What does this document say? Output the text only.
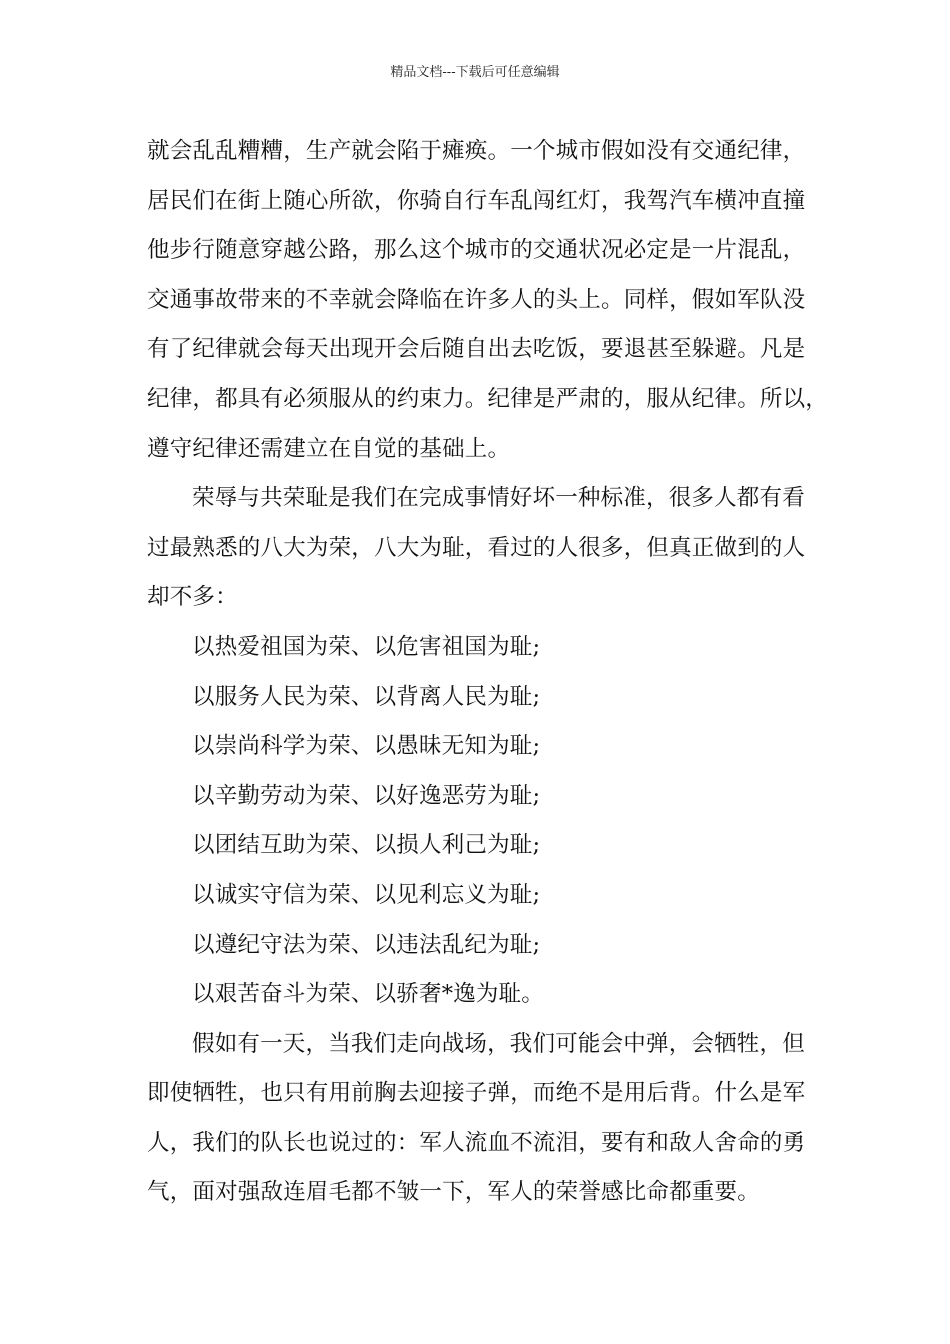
精品文档---下载后可任意编辑

就会乱乱糟糟，生产就会陷于瘫痪。一个城市假如没有交通纪律，

居民们在街上随心所欲，你骑自行车乱闯红灯，我驾汽车横冲直撞

他步行随意穿越公路，那么这个城市的交通状况必定是一片混乱，

交通事故带来的不幸就会降临在许多人的头上。同样，假如军队没

有了纪律就会每天出现开会后随自出去吃饭，要退甚至躲避。凡是

纪律，都具有必须服从的约束力。纪律是严肃的，服从纪律。所以，

遵守纪律还需建立在自觉的基础上。

荣辱与共荣耻是我们在完成事情好坏一种标准，很多人都有看

过最熟悉的八大为荣，八大为耻，看过的人很多，但真正做到的人

却不多：

以热爱祖国为荣、以危害祖国为耻;

以服务人民为荣、以背离人民为耻;

以崇尚科学为荣、以愚昧无知为耻;

以辛勤劳动为荣、以好逸恶劳为耻;

以团结互助为荣、以损人利己为耻;

以诚实守信为荣、以见利忘义为耻;

以遵纪守法为荣、以违法乱纪为耻;

以艰苦奋斗为荣、以骄奢*逸为耻。

假如有一天，当我们走向战场，我们可能会中弹，会牺牲，但

即使牺牲，也只有用前胸去迎接子弹，而绝不是用后背。什么是军

人，我们的队长也说过的：军人流血不流泪，要有和敌人舍命的勇

气，面对强敌连眉毛都不皱一下，军人的荣誉感比命都重要。
